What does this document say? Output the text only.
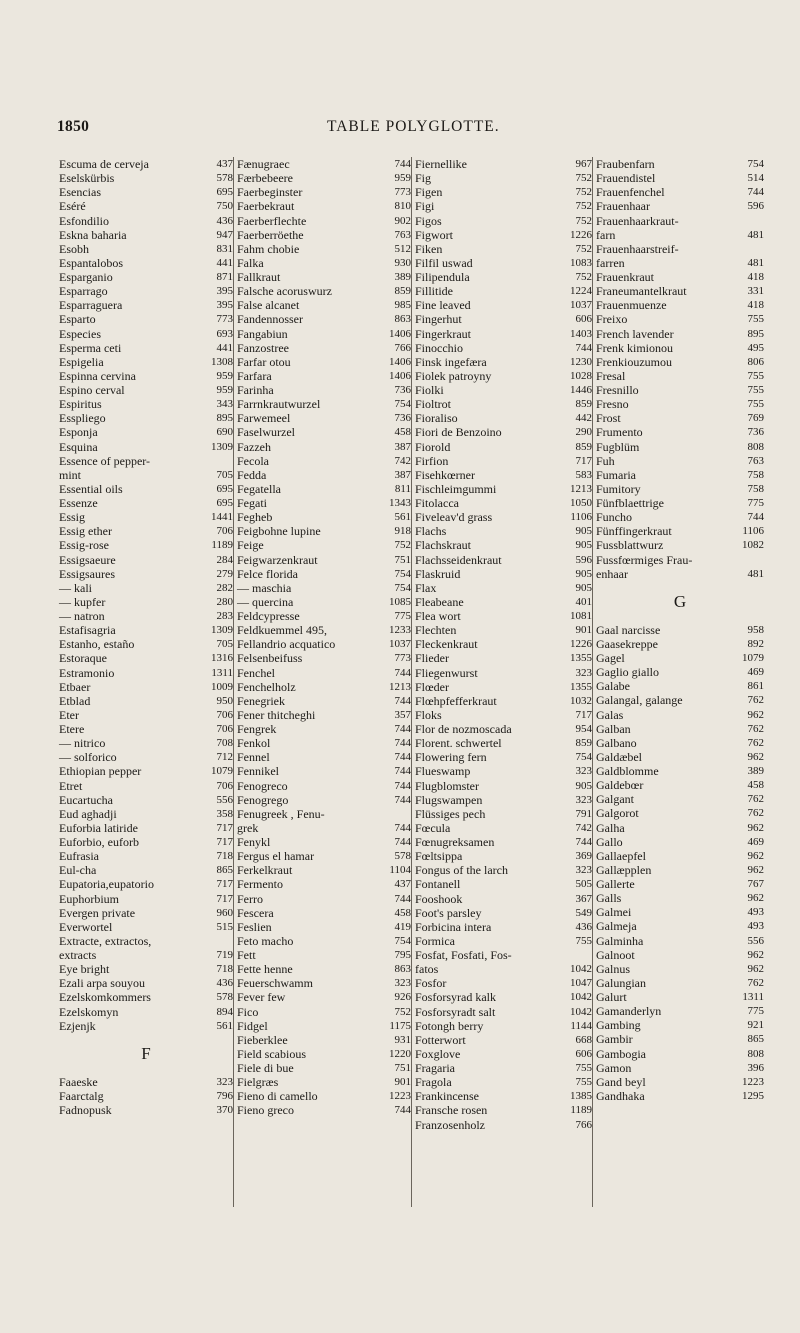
1850	TABLE POLYGLOTTE.
Escuma de cerveja	437
Eselskürbis	578
Esencias	695
Eséré	750
Esfondilio	436
Eskna baharia	947
Esobh	831
Espantalobos	441
Esparganio	871
Esparrago	395
Esparraguera	395
Esparto	773
Especies	693
Esperma ceti	441
Espigelia	1308
Espinna cervina	959
Espino cerval	959
Espiritus	343
Esspliego	895
Esponja	690
Esquina	1309
Essence of pepper-
mint	705
Essential oils	695
Essenze	695
Essig	1441
Essig ether	706
Essig-rose	1189
Essigsaeure	284
Essigsaures	279
— kali	282
— kupfer	280
— natron	283
Estafisagria	1309
Estanho, estaño	705
Estoraque	1316
Estramonio	1311
Etbaer	1009
Etblad	950
Eter	706
Etere	706
— nitrico	708
— solforico	712
Ethiopian pepper	1079
Etret	706
Eucartucha	556
Eud aghadji	358
Euforbia latiride	717
Euforbio, euforb	717
Eufrasia	718
Eul-cha	865
Eupatoria,eupatorio	717
Euphorbium	717
Evergen private	960
Everwortel	515
Extracte, extractos,
extracts	719
Eye bright	718
Ezali arpa souyou	436
Ezelskomkommers	578
Ezelskomyn	894
Ezjenjk	561
F
Faaeske	323
Faarctalg	796
Fadnopusk	370
Fænugraec	744
Færbebeere	959
Faerbeginster	773
Faerbekraut	810
Faerberflechte	902
Faerberröethe	763
Fahm chobie	512
Falka	930
Fallkraut	389
Falsche acoruswurz	859
False alcanet	985
Fandennosser	863
Fangabiun	1406
Fanzostree	766
Farfar otou	1406
Farfara	1406
Farinha	736
Farrnkrautwurzel	754
Farwemeel	736
Faselwurzel	458
Fazzeh	387
Fecola	742
Fedda	387
Fegatella	811
Fegati	1343
Fegheb	561
Feigbohne lupine	918
Feige	752
Feigwarzenkraut	751
Felce florida	754
— maschia	754
— quercina	1085
Feldcypresse	775
Feldkuemmel 495,	1233
Fellandrio acquatico	1037
Felsenbeifuss	773
Fenchel	744
Fenchelholz	1213
Fenegriek	744
Fener thitcheghi	357
Fengrek	744
Fenkol	744
Fennel	744
Fennikel	744
Fenogreco	744
Fenogrego	744
Fenugreek , Fenu-
grek	744
Fenykl	744
Fergus el hamar	578
Ferkelkraut	1104
Fermento	437
Ferro	744
Fescera	458
Feslien	419
Feto macho	754
Fett	795
Fette henne	863
Feuerschwamm	323
Fever few	926
Fico	752
Fidgel	1175
Fieberklee	931
Field scabious	1220
Fiele di bue	751
Fielgræs	901
Fieno di camello	1223
Fieno greco	744
Fiernellike	967
Fig	752
Figen	752
Figi	752
Figos	752
Figwort	1226
Fiken	752
Filfil uswad	1083
Filipendula	752
Fillitide	1224
Fine leaved	1037
Fingerhut	606
Fingerkraut	1403
Finocchio	744
Finsk ingefæra	1230
Fiolek patroyny	1028
Fiolki	1446
Fioltrot	859
Fioraliso	442
Fiori de Benzoino	290
Fiorold	859
Firfion	717
Fisehkœrner	583
Fischleimgummi	1213
Fitolacca	1050
Fiveleav'd grass	1106
Flachs	905
Flachskraut	905
Flachsseidenkraut	596
Flaskruid	905
Flax	905
Fleabeane	401
Flea wort	1081
Flechten	901
Fleckenkraut	1226
Flieder	1355
Fliegenwurst	323
Flœder	1355
Flœhpfefferkraut	1032
Floks	717
Flor de nozmoscada	954
Florent. schwertel	859
Flowering fern	754
Flueswamp	323
Flugblomster	905
Flugswampen	323
Flüssiges pech	791
Fœcula	742
Fœnugreksamen	744
Fœltsippa	369
Fongus of the larch	323
Fontanell	505
Fooshook	367
Foot's parsley	549
Forbicina intera	436
Formica	755
Fosfat, Fosfati, Fos-
fatos	1042
Fosfor	1047
Fosforsyrad kalk	1042
Fosforsyradt salt	1042
Fotongh berry	1144
Fotterwort	668
Foxglove	606
Fragaria	755
Fragola	755
Frankincense	1385
Fransche rosen	1189
Franzosenholz	766
Fraubenfarn	754
Frauendistel	514
Frauenfenchel	744
Frauenhaar	596
Frauenhaarkraut-
farn	481
Frauenhaarstreif-
farren	481
Frauenkraut	418
Franeumantelkraut	331
Frauenmuenze	418
Freixo	755
French lavender	895
Frenk kimionou	495
Frenkiouzumou	806
Fresal	755
Fresnillo	755
Fresno	755
Frost	769
Frumento	736
Fugblüm	808
Fuh	763
Fumaria	758
Fumitory	758
Fünfblaettrige	775
Funcho	744
Fünffingerkraut	1106
Fussblattwurz	1082
Fussfœrmiges Frau-
enhaar	481
G
Gaal narcisse	958
Gaasekreppe	892
Gagel	1079
Gaglio giallo	469
Galabe	861
Galangal, galange	762
Galas	962
Galban	762
Galbano	762
Galdæbel	962
Galdblomme	389
Galdebœr	458
Galgant	762
Galgorot	762
Galha	962
Gallo	469
Gallaepfel	962
Gallæpplen	962
Gallerte	767
Galls	962
Galmei	493
Galmeja	493
Galminha	556
Galnoot	962
Galnus	962
Galungian	762
Galurt	1311
Gamanderlyn	775
Gambing	921
Gambir	865
Gambogia	808
Gamon	396
Gand beyl	1223
Gandhaka	1295
